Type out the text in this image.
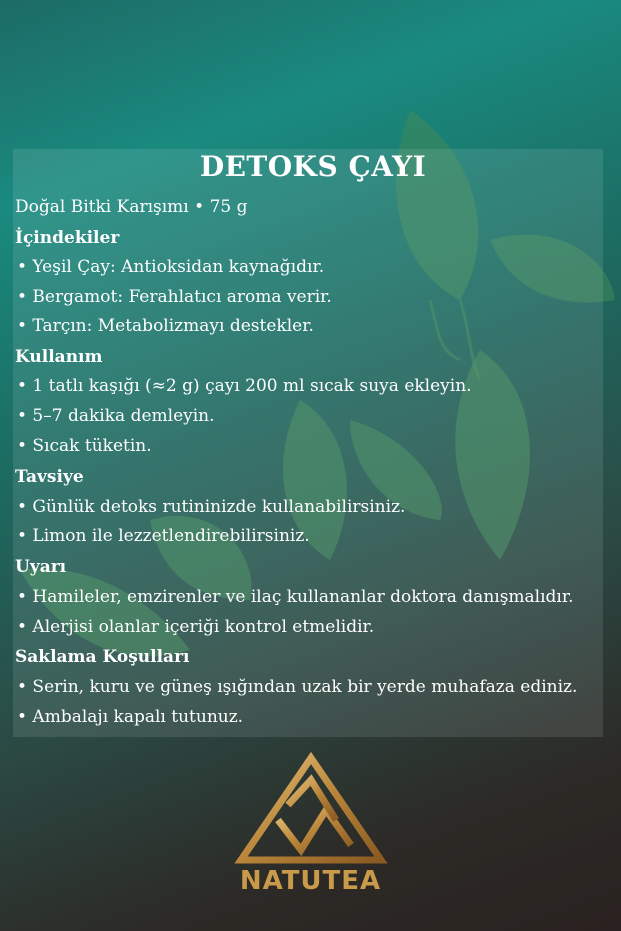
DETOKS ÇAYI
Doğal Bitki Karışımı • 75 g
İçindekiler
• Yeşil Çay: Antioksidan kaynağıdır.
• Bergamot: Ferahlatıcı aroma verir.
• Tarçın: Metabolizmayı destekler.
Kullanım
• 1 tatlı kaşığı (≈2 g) çayı 200 ml sıcak suya ekleyin.
• 5–7 dakika demleyin.
• Sıcak tüketin.
Tavsiye
• Günlük detoks rutininizde kullanabilirsiniz.
• Limon ile lezzetlendirebilirsiniz.
Uyarı
• Hamileler, emzirenler ve ilaç kullananlar doktora danışmalıdır.
• Alerjisi olanlar içeriği kontrol etmelidir.
Saklama Koşulları
• Serin, kuru ve güneş ışığından uzak bir yerde muhafaza ediniz.
• Ambalajı kapalı tutunuz.
NATUTEA
